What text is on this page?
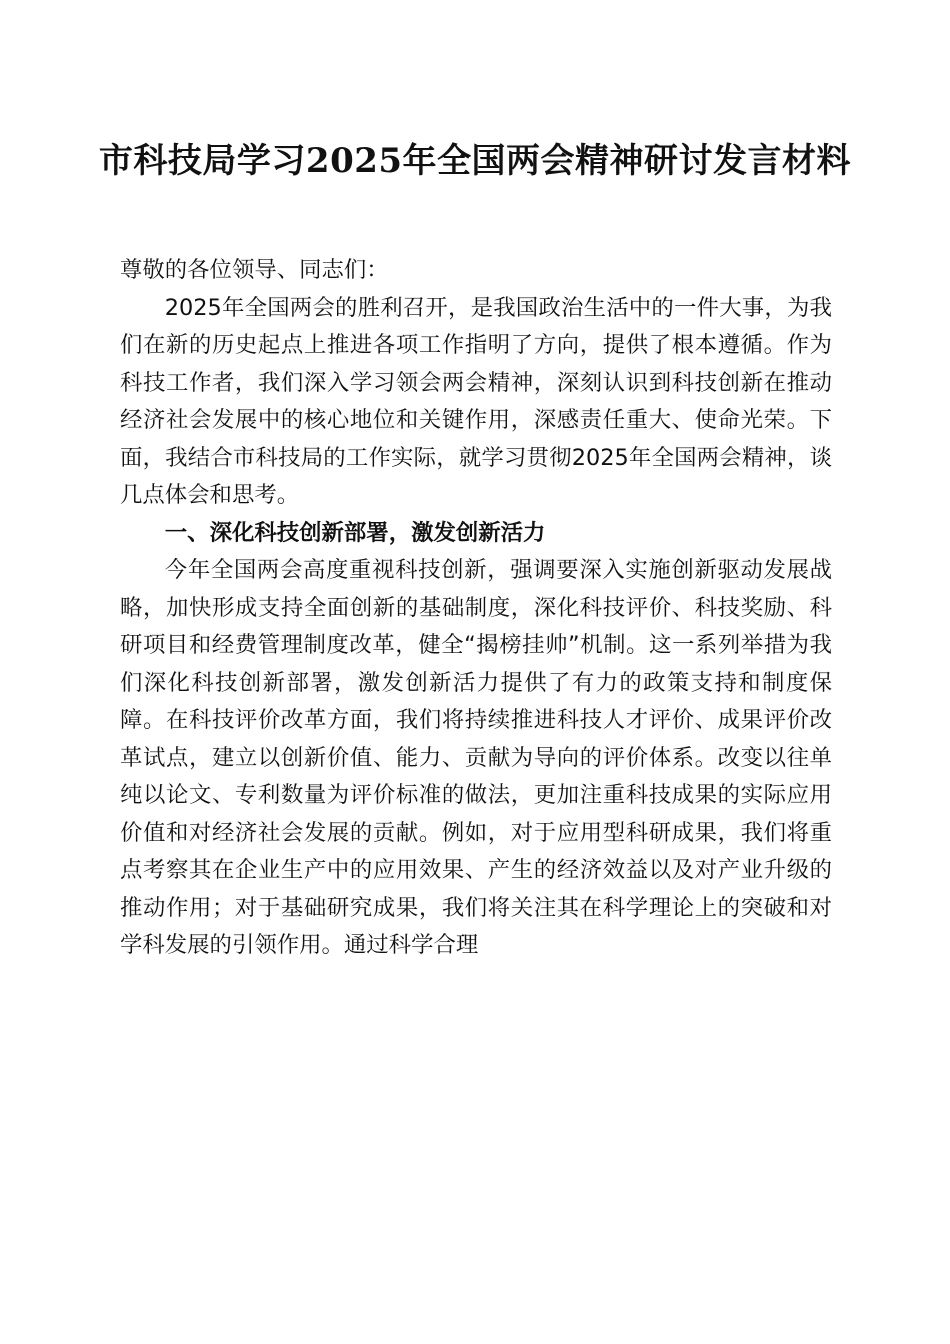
市科技局学习2025年全国两会精神研讨发言材料

尊敬的各位领导、同志们：

2025年全国两会的胜利召开，是我国政治生活中的一件大事，为我们在新的历史起点上推进各项工作指明了方向，提供了根本遵循。作为科技工作者，我们深入学习领会两会精神，深刻认识到科技创新在推动经济社会发展中的核心地位和关键作用，深感责任重大、使命光荣。下面，我结合市科技局的工作实际，就学习贯彻2025年全国两会精神，谈几点体会和思考。

一、深化科技创新部署，激发创新活力

今年全国两会高度重视科技创新，强调要深入实施创新驱动发展战略，加快形成支持全面创新的基础制度，深化科技评价、科技奖励、科研项目和经费管理制度改革，健全“揭榜挂帅”机制。这一系列举措为我们深化科技创新部署，激发创新活力提供了有力的政策支持和制度保障。在科技评价改革方面，我们将持续推进科技人才评价、成果评价改革试点，建立以创新价值、能力、贡献为导向的评价体系。改变以往单纯以论文、专利数量为评价标准的做法，更加注重科技成果的实际应用价值和对经济社会发展的贡献。例如，对于应用型科研成果，我们将重点考察其在企业生产中的应用效果、产生的经济效益以及对产业升级的推动作用；对于基础研究成果，我们将关注其在科学理论上的突破和对学科发展的引领作用。通过科学合理
